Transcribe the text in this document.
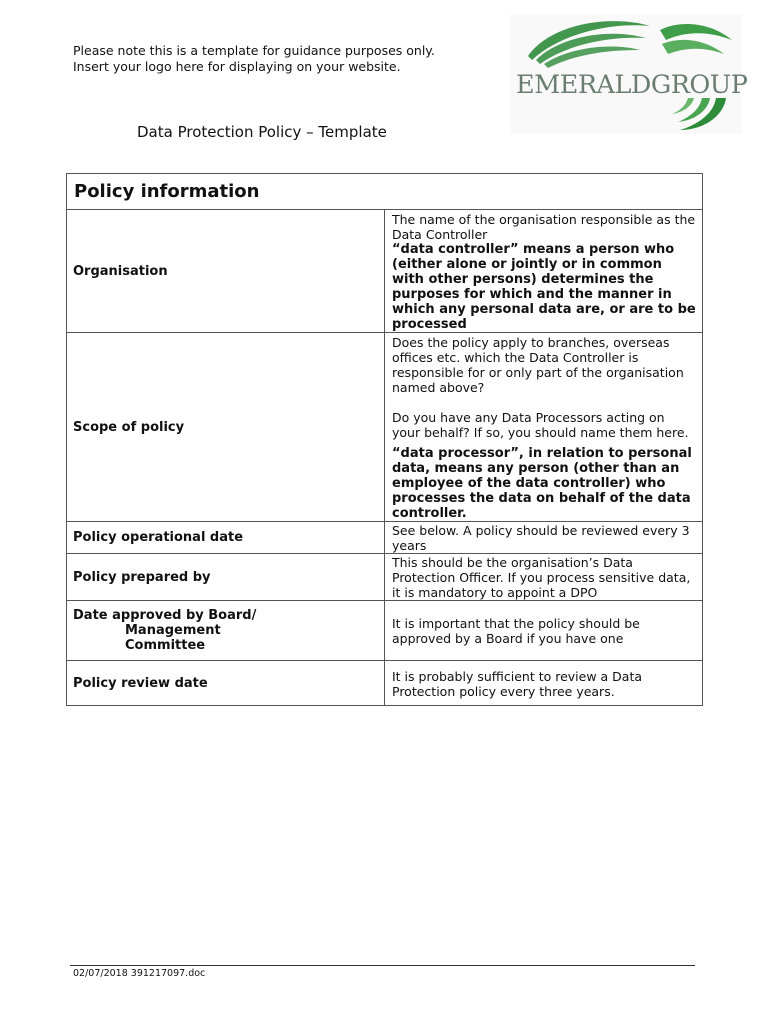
Please note this is a template for guidance purposes only.
Insert your logo here for displaying on your website.
EMERALDGROUP
Data Protection Policy – Template
Policy information	
Organisation	The name of the organisation responsible as the Data Controller
“data controller” means a person who (either alone or jointly or in common with other persons) determines the purposes for which and the manner in which any personal data are, or are to be processed

Scope of policy	Does the policy apply to branches, overseas offices etc. which the Data Controller is responsible for or only part of the organisation named above?
Do you have any Data Processors acting on your behalf? If so, you should name them here.
“data processor”, in relation to personal data, means any person (other than an employee of the data controller) who processes the data on behalf of the data controller.

Policy operational date	See below. A policy should be reviewed every 3 years
Policy prepared by	This should be the organisation’s Data Protection Officer. If you process sensitive data, it is mandatory to appoint a DPO
Date approved by Board/
Management
Committee	It is important that the policy should be approved by a Board if you have one
Policy review date	It is probably sufficient to review a Data Protection policy every three years.
02/07/2018 391217097.doc
